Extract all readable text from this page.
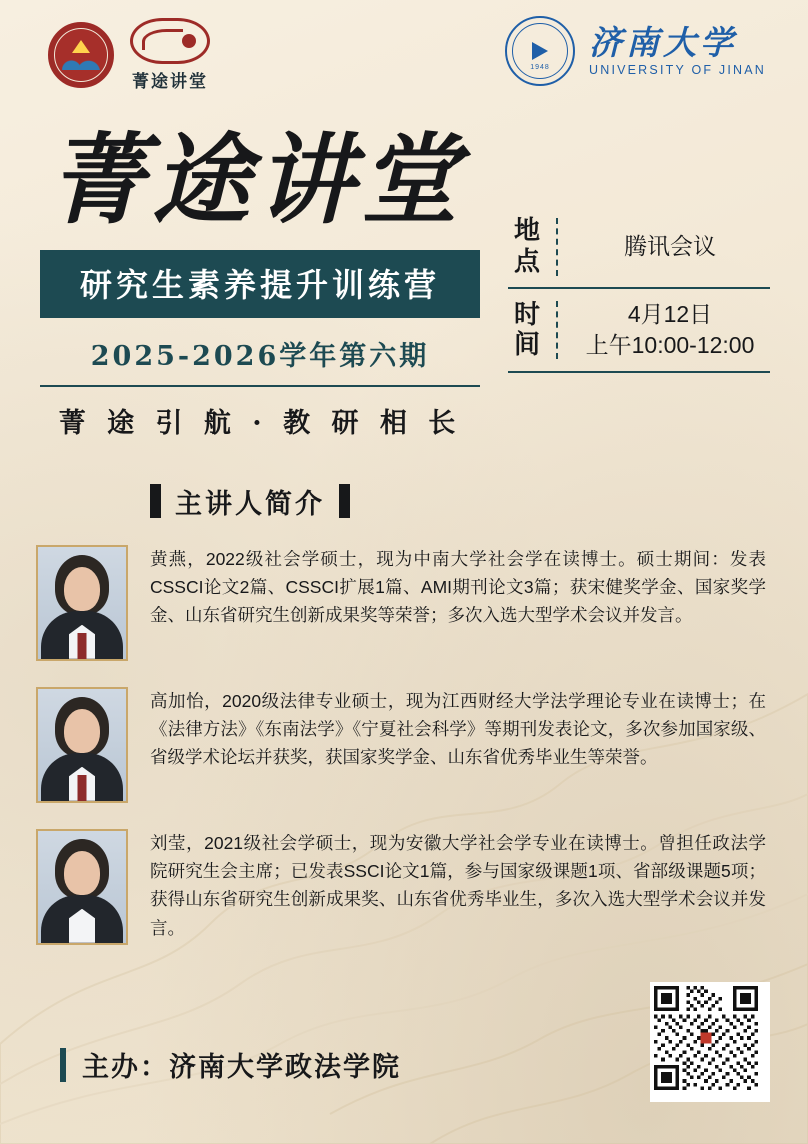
菁途讲堂
1948
济南大学
UNIVERSITY OF JINAN
菁途讲堂
研究生素养提升训练营
2025-2026学年第六期
菁 途 引 航 · 教 研 相 长
地点
腾讯会议
时间
4月12日
上午10:00-12:00
主讲人简介
黄燕，2022级社会学硕士，现为中南大学社会学在读博士。硕士期间：发表CSSCI论文2篇、CSSCI扩展1篇、AMI期刊论文3篇；获宋健奖学金、国家奖学金、山东省研究生创新成果奖等荣誉；多次入选大型学术会议并发言。
高加怡，2020级法律专业硕士，现为江西财经大学法学理论专业在读博士；在《法律方法》《东南法学》《宁夏社会科学》等期刊发表论文，多次参加国家级、省级学术论坛并获奖，获国家奖学金、山东省优秀毕业生等荣誉。
刘莹，2021级社会学硕士，现为安徽大学社会学专业在读博士。曾担任政法学院研究生会主席；已发表SSCI论文1篇，参与国家级课题1项、省部级课题5项；获得山东省研究生创新成果奖、山东省优秀毕业生，多次入选大型学术会议并发言。
主办：济南大学政法学院
